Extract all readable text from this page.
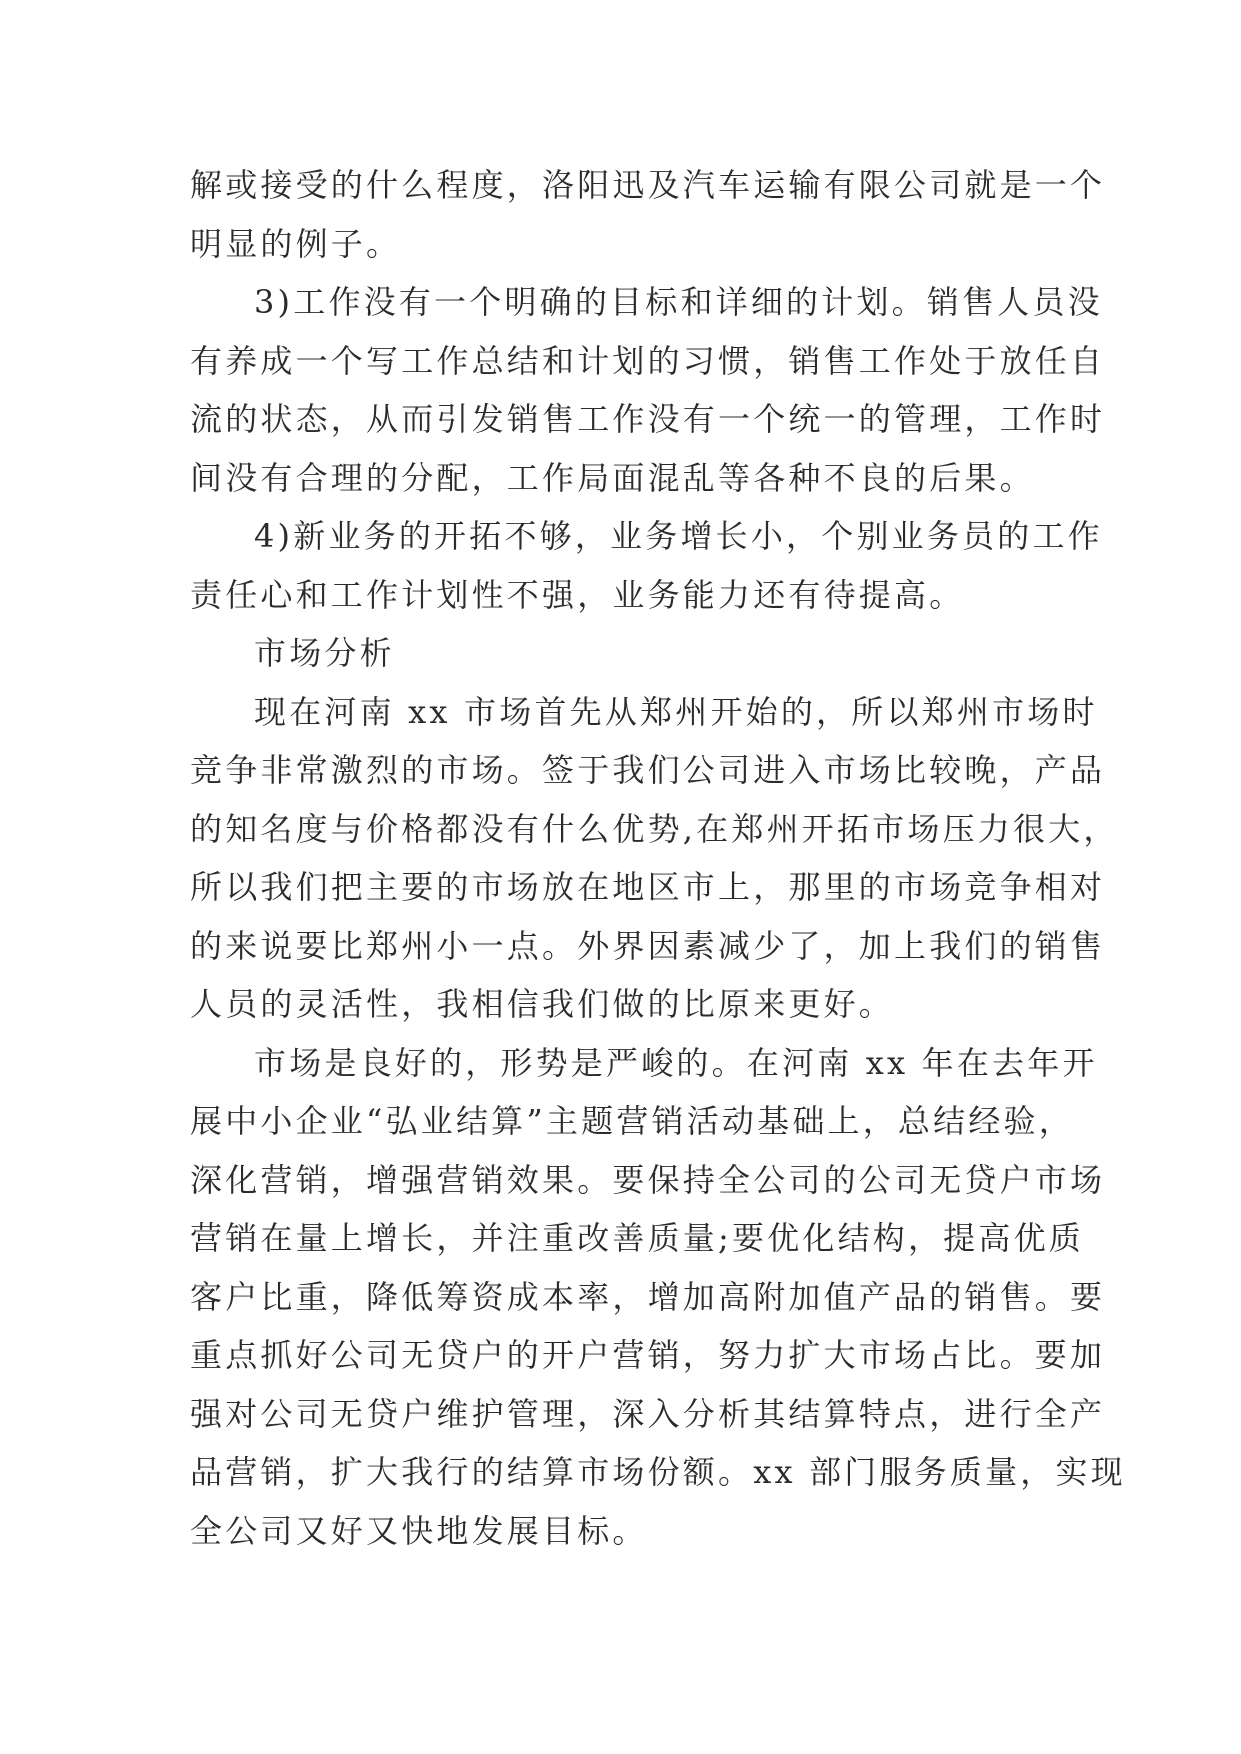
解或接受的什么程度，洛阳迅及汽车运输有限公司就是一个
明显的例子。
3)工作没有一个明确的目标和详细的计划。销售人员没
有养成一个写工作总结和计划的习惯，销售工作处于放任自
流的状态，从而引发销售工作没有一个统一的管理，工作时
间没有合理的分配，工作局面混乱等各种不良的后果。
4)新业务的开拓不够，业务增长小，个别业务员的工作
责任心和工作计划性不强，业务能力还有待提高。
市场分析
现在河南 xx 市场首先从郑州开始的，所以郑州市场时
竞争非常激烈的市场。签于我们公司进入市场比较晚，产品
的知名度与价格都没有什么优势,在郑州开拓市场压力很大，
所以我们把主要的市场放在地区市上，那里的市场竞争相对
的来说要比郑州小一点。外界因素减少了，加上我们的销售
人员的灵活性，我相信我们做的比原来更好。
市场是良好的，形势是严峻的。在河南 xx 年在去年开
展中小企业“弘业结算”主题营销活动基础上，总结经验，
深化营销，增强营销效果。要保持全公司的公司无贷户市场
营销在量上增长，并注重改善质量;要优化结构，提高优质
客户比重，降低筹资成本率，增加高附加值产品的销售。要
重点抓好公司无贷户的开户营销，努力扩大市场占比。要加
强对公司无贷户维护管理，深入分析其结算特点，进行全产
品营销，扩大我行的结算市场份额。xx 部门服务质量，实现
全公司又好又快地发展目标。
